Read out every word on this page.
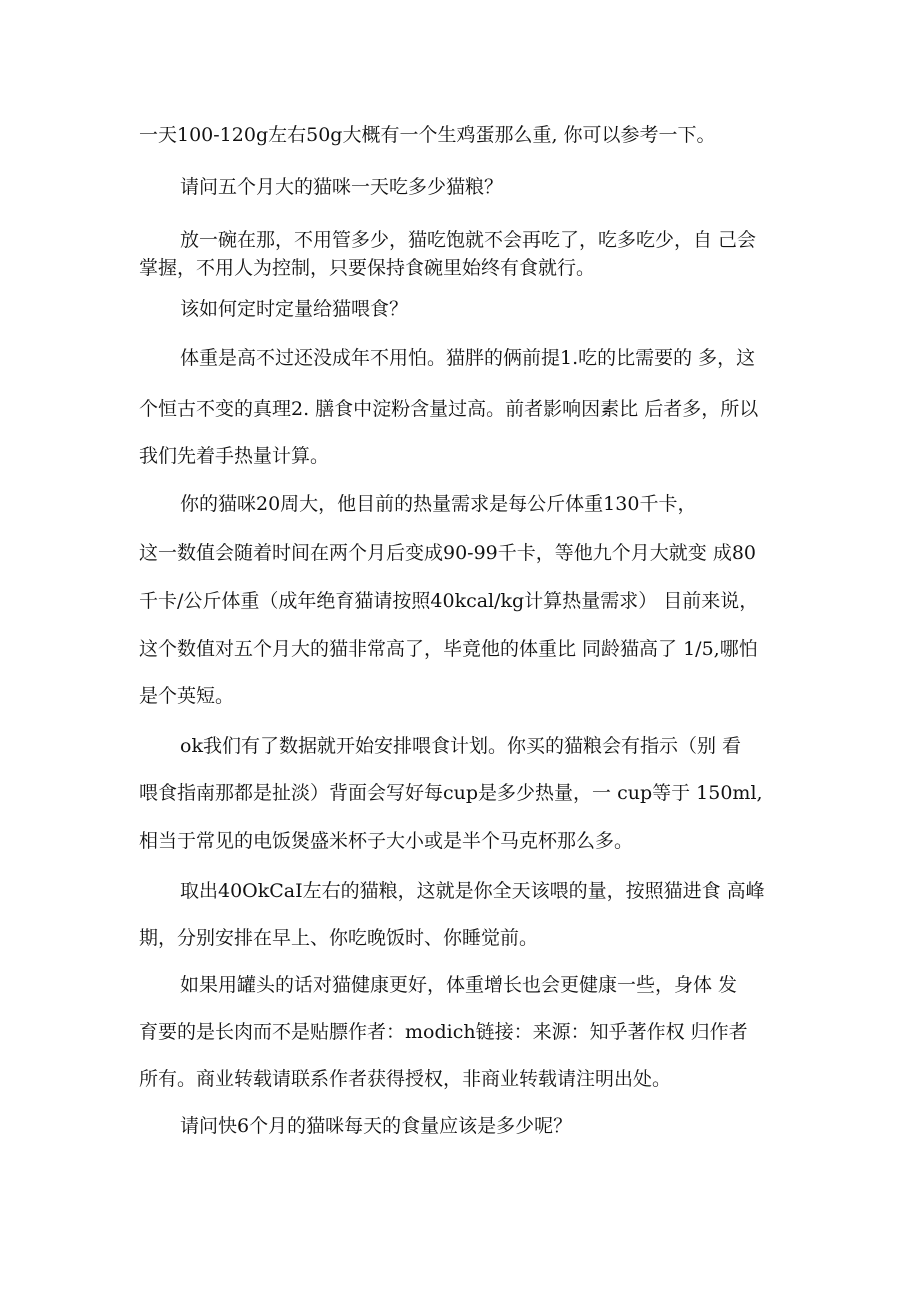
一天100-120g左右50g大概有一个生鸡蛋那么重, 你可以参考一下。
请问五个月大的猫咪一天吃多少猫粮？
放一碗在那，不用管多少，猫吃饱就不会再吃了，吃多吃少，自 己会
掌握，不用人为控制，只要保持食碗里始终有食就行。
该如何定时定量给猫喂食？
体重是高不过还没成年不用怕。猫胖的俩前提1.吃的比需要的 多，这
个恒古不变的真理2. 膳食中淀粉含量过高。前者影响因素比 后者多，所以
我们先着手热量计算。
你的猫咪20周大，他目前的热量需求是每公斤体重130千卡，
这一数值会随着时间在两个月后变成90-99千卡，等他九个月大就变 成80
千卡/公斤体重（成年绝育猫请按照40kcal/kg计算热量需求） 目前来说，
这个数值对五个月大的猫非常高了，毕竟他的体重比 同龄猫高了 1/5,哪怕
是个英短。
ok我们有了数据就开始安排喂食计划。你买的猫粮会有指示（别 看
喂食指南那都是扯淡）背面会写好每cup是多少热量，一 cup等于 150ml,
相当于常见的电饭煲盛米杯子大小或是半个马克杯那么多。
取出40OkCaI左右的猫粮，这就是你全天该喂的量，按照猫进食 高峰
期，分别安排在早上、你吃晚饭时、你睡觉前。
如果用罐头的话对猫健康更好，体重增长也会更健康一些，身体 发
育要的是长肉而不是贴膘作者：modich链接：来源：知乎著作权 归作者
所有。商业转载请联系作者获得授权，非商业转载请注明出处。
请问快6个月的猫咪每天的食量应该是多少呢？
